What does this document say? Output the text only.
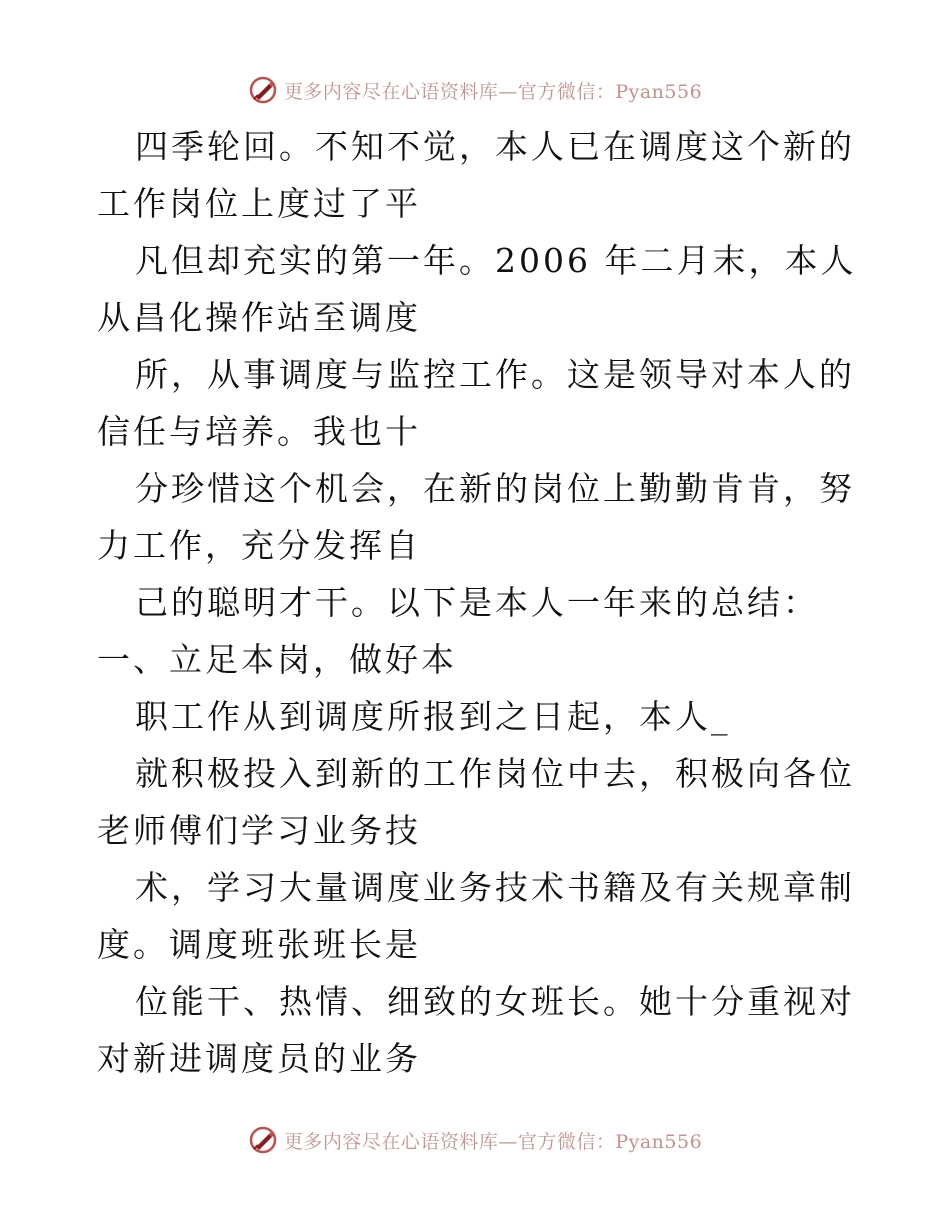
更多内容尽在心语资料库—官方微信：Pyan556

四季轮回。不知不觉，本人已在调度这个新的工作岗位上度过了平

凡但却充实的第一年。2006 年二月末，本人从昌化操作站至调度

所，从事调度与监控工作。这是领导对本人的信任与培养。我也十

分珍惜这个机会，在新的岗位上勤勤肯肯，努力工作，充分发挥自

己的聪明才干。以下是本人一年来的总结：一、立足本岗，做好本

职工作从到调度所报到之日起，本人_

就积极投入到新的工作岗位中去，积极向各位老师傅们学习业务技

术，学习大量调度业务技术书籍及有关规章制度。调度班张班长是

位能干、热情、细致的女班长。她十分重视对对新进调度员的业务

更多内容尽在心语资料库—官方微信：Pyan556
